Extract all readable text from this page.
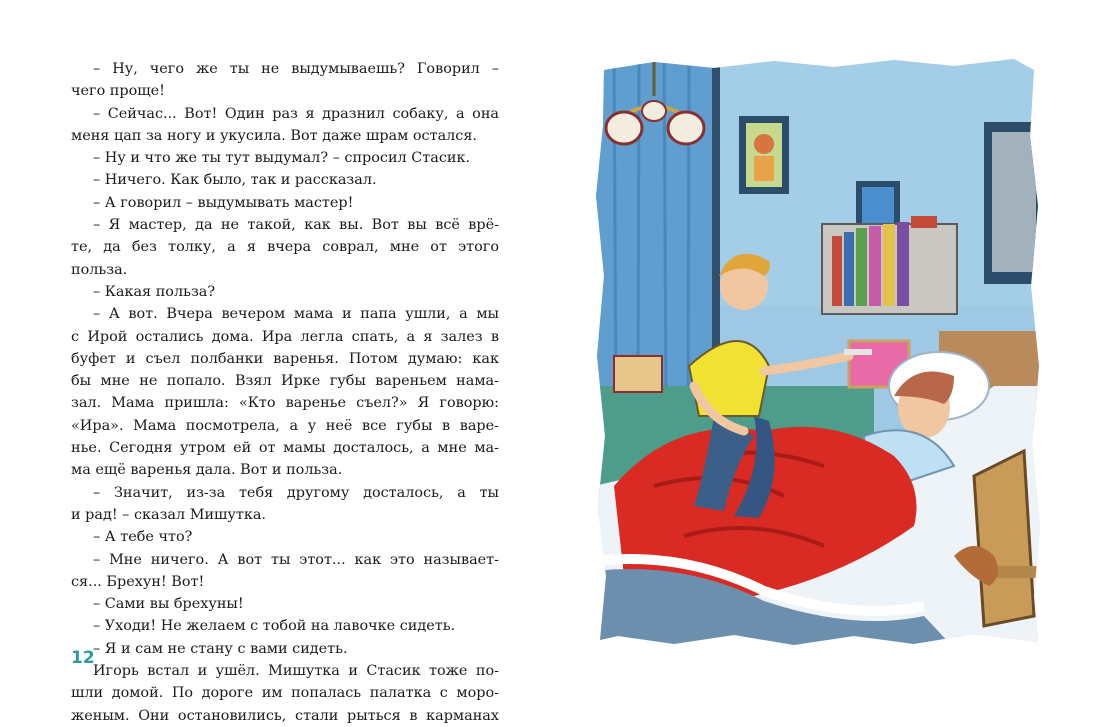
– Ну, чего же ты не выдумываешь? Говорил –

чего проще!

– Сейчас... Вот! Один раз я дразнил собаку, а она

меня цап за ногу и укусила. Вот даже шрам остался.

– Ну и что же ты тут выдумал? – спросил Стасик.

– Ничего. Как было, так и рассказал.

– А говорил – выдумывать мастер!

– Я мастер, да не такой, как вы. Вот вы всё врё-

те, да без толку, а я вчера соврал, мне от этого

польза.

– Какая польза?

– А вот. Вчера вечером мама и папа ушли, а мы

с Ирой остались дома. Ира легла спать, а я залез в

буфет и съел полбанки варенья. Потом думаю: как

бы мне не попало. Взял Ирке губы вареньем нама-

зал. Мама пришла: «Кто варенье съел?» Я говорю:

«Ира». Мама посмотрела, а у неё все губы в варе-

нье. Сегодня утром ей от мамы досталось, а мне ма-

ма ещё варенья дала. Вот и польза.

– Значит, из-за тебя другому досталось, а ты

и рад! – сказал Мишутка.

– А тебе что?

– Мне ничего. А вот ты этот... как это называет-

ся... Брехун! Вот!

– Сами вы брехуны!

– Уходи! Не желаем с тобой на лавочке сидеть.

– Я и сам не стану с вами сидеть.

Игорь встал и ушёл. Мишутка и Стасик тоже по-

шли домой. По дороге им попалась палатка с моро-

женым. Они остановились, стали рыться в карманах

12
